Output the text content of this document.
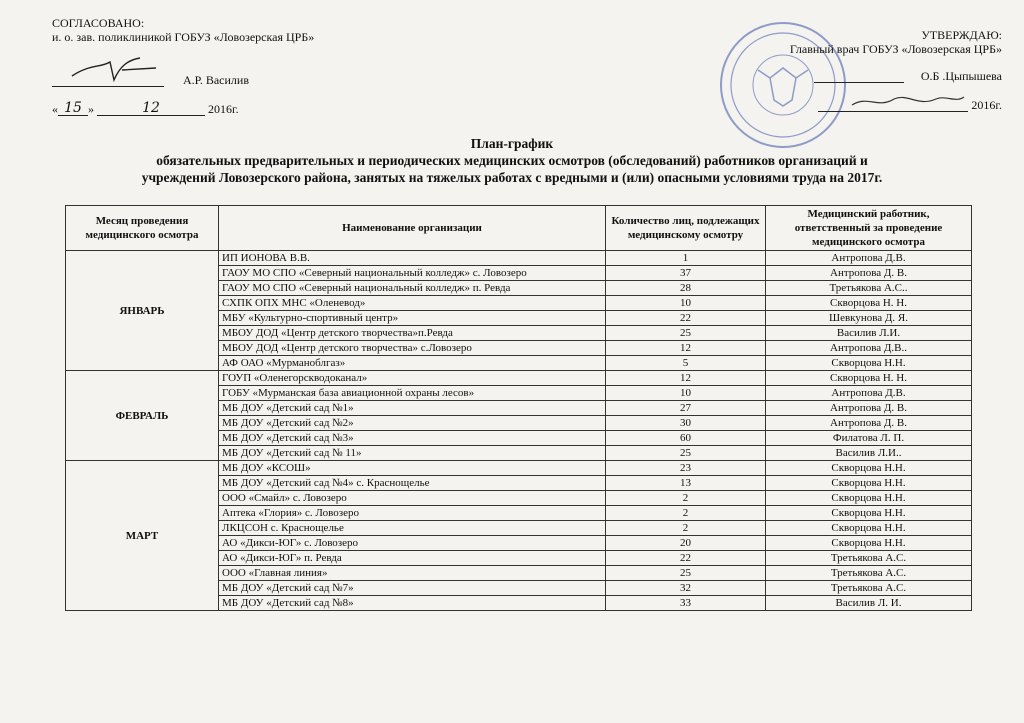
СОГЛАСОВАНО:
и. о. зав. поликлиникой ГОБУЗ «Ловозерская ЦРБ»
А.Р. Василив
« 15 »	12	2016г.
УТВЕРЖДАЮ:
Главный врач ГОБУЗ «Ловозерская ЦРБ»
О.Б .Цыпышева
2016г.
План-график
обязательных предварительных и периодических медицинских осмотров (обследований) работников организаций и
учреждений Ловозерского района, занятых на тяжелых работах с вредными и (или) опасными условиями труда на 2017г.
Месяц проведения медицинского осмотра	Наименование организации	Количество лиц, подлежащих медицинскому осмотру	Медицинский работник, ответственный за проведение медицинского осмотра
ЯНВАРЬ	ИП ИОНОВА В.В.	1	Антропова Д.В.
	ГАОУ МО СПО «Северный национальный колледж» с. Ловозеро	37	Антропова Д. В.
	ГАОУ МО СПО «Северный национальный колледж» п. Ревда	28	Третьякова А.С..
	СХПК ОПХ МНС «Оленевод»	10	Скворцова Н. Н.
	МБУ «Культурно-спортивный центр»	22	Шевкунова Д. Я.
	МБОУ ДОД «Центр детского творчества»п.Ревда	25	Василив Л.И.
	МБОУ ДОД «Центр детского творчества» с.Ловозеро	12	Антропова Д.В..
	АФ ОАО «Мурманоблгаз»	5	Скворцова Н.Н.
ФЕВРАЛЬ	ГОУП «Оленегорскводоканал»	12	Скворцова Н. Н.
	ГОБУ «Мурманская база авиационной охраны лесов»	10	Антропова Д.В.
	МБ ДОУ «Детский сад №1»	27	Антропова Д. В.
	МБ ДОУ «Детский сад №2»	30	Антропова Д. В.
	МБ ДОУ «Детский сад №3»	60	Филатова Л. П.
	МБ ДОУ «Детский сад № 11»	25	Василив Л.И..
МАРТ	МБ ДОУ «КСОШ»	23	Скворцова Н.Н.
	МБ ДОУ «Детский сад №4» с. Краснощелье	13	Скворцова Н.Н.
	ООО «Смайл» с. Ловозеро	2	Скворцова Н.Н.
	Аптека «Глория» с. Ловозеро	2	Скворцова Н.Н.
	ЛКЦСОН с. Краснощелье	2	Скворцова Н.Н.
	АО «Дикси-ЮГ» с. Ловозеро	20	Скворцова Н.Н.
	АО «Дикси-ЮГ» п. Ревда	22	Третьякова А.С.
	ООО «Главная линия»	25	Третьякова А.С.
	МБ ДОУ «Детский сад №7»	32	Третьякова А.С.
	МБ ДОУ «Детский сад №8»	33	Василив Л. И.
